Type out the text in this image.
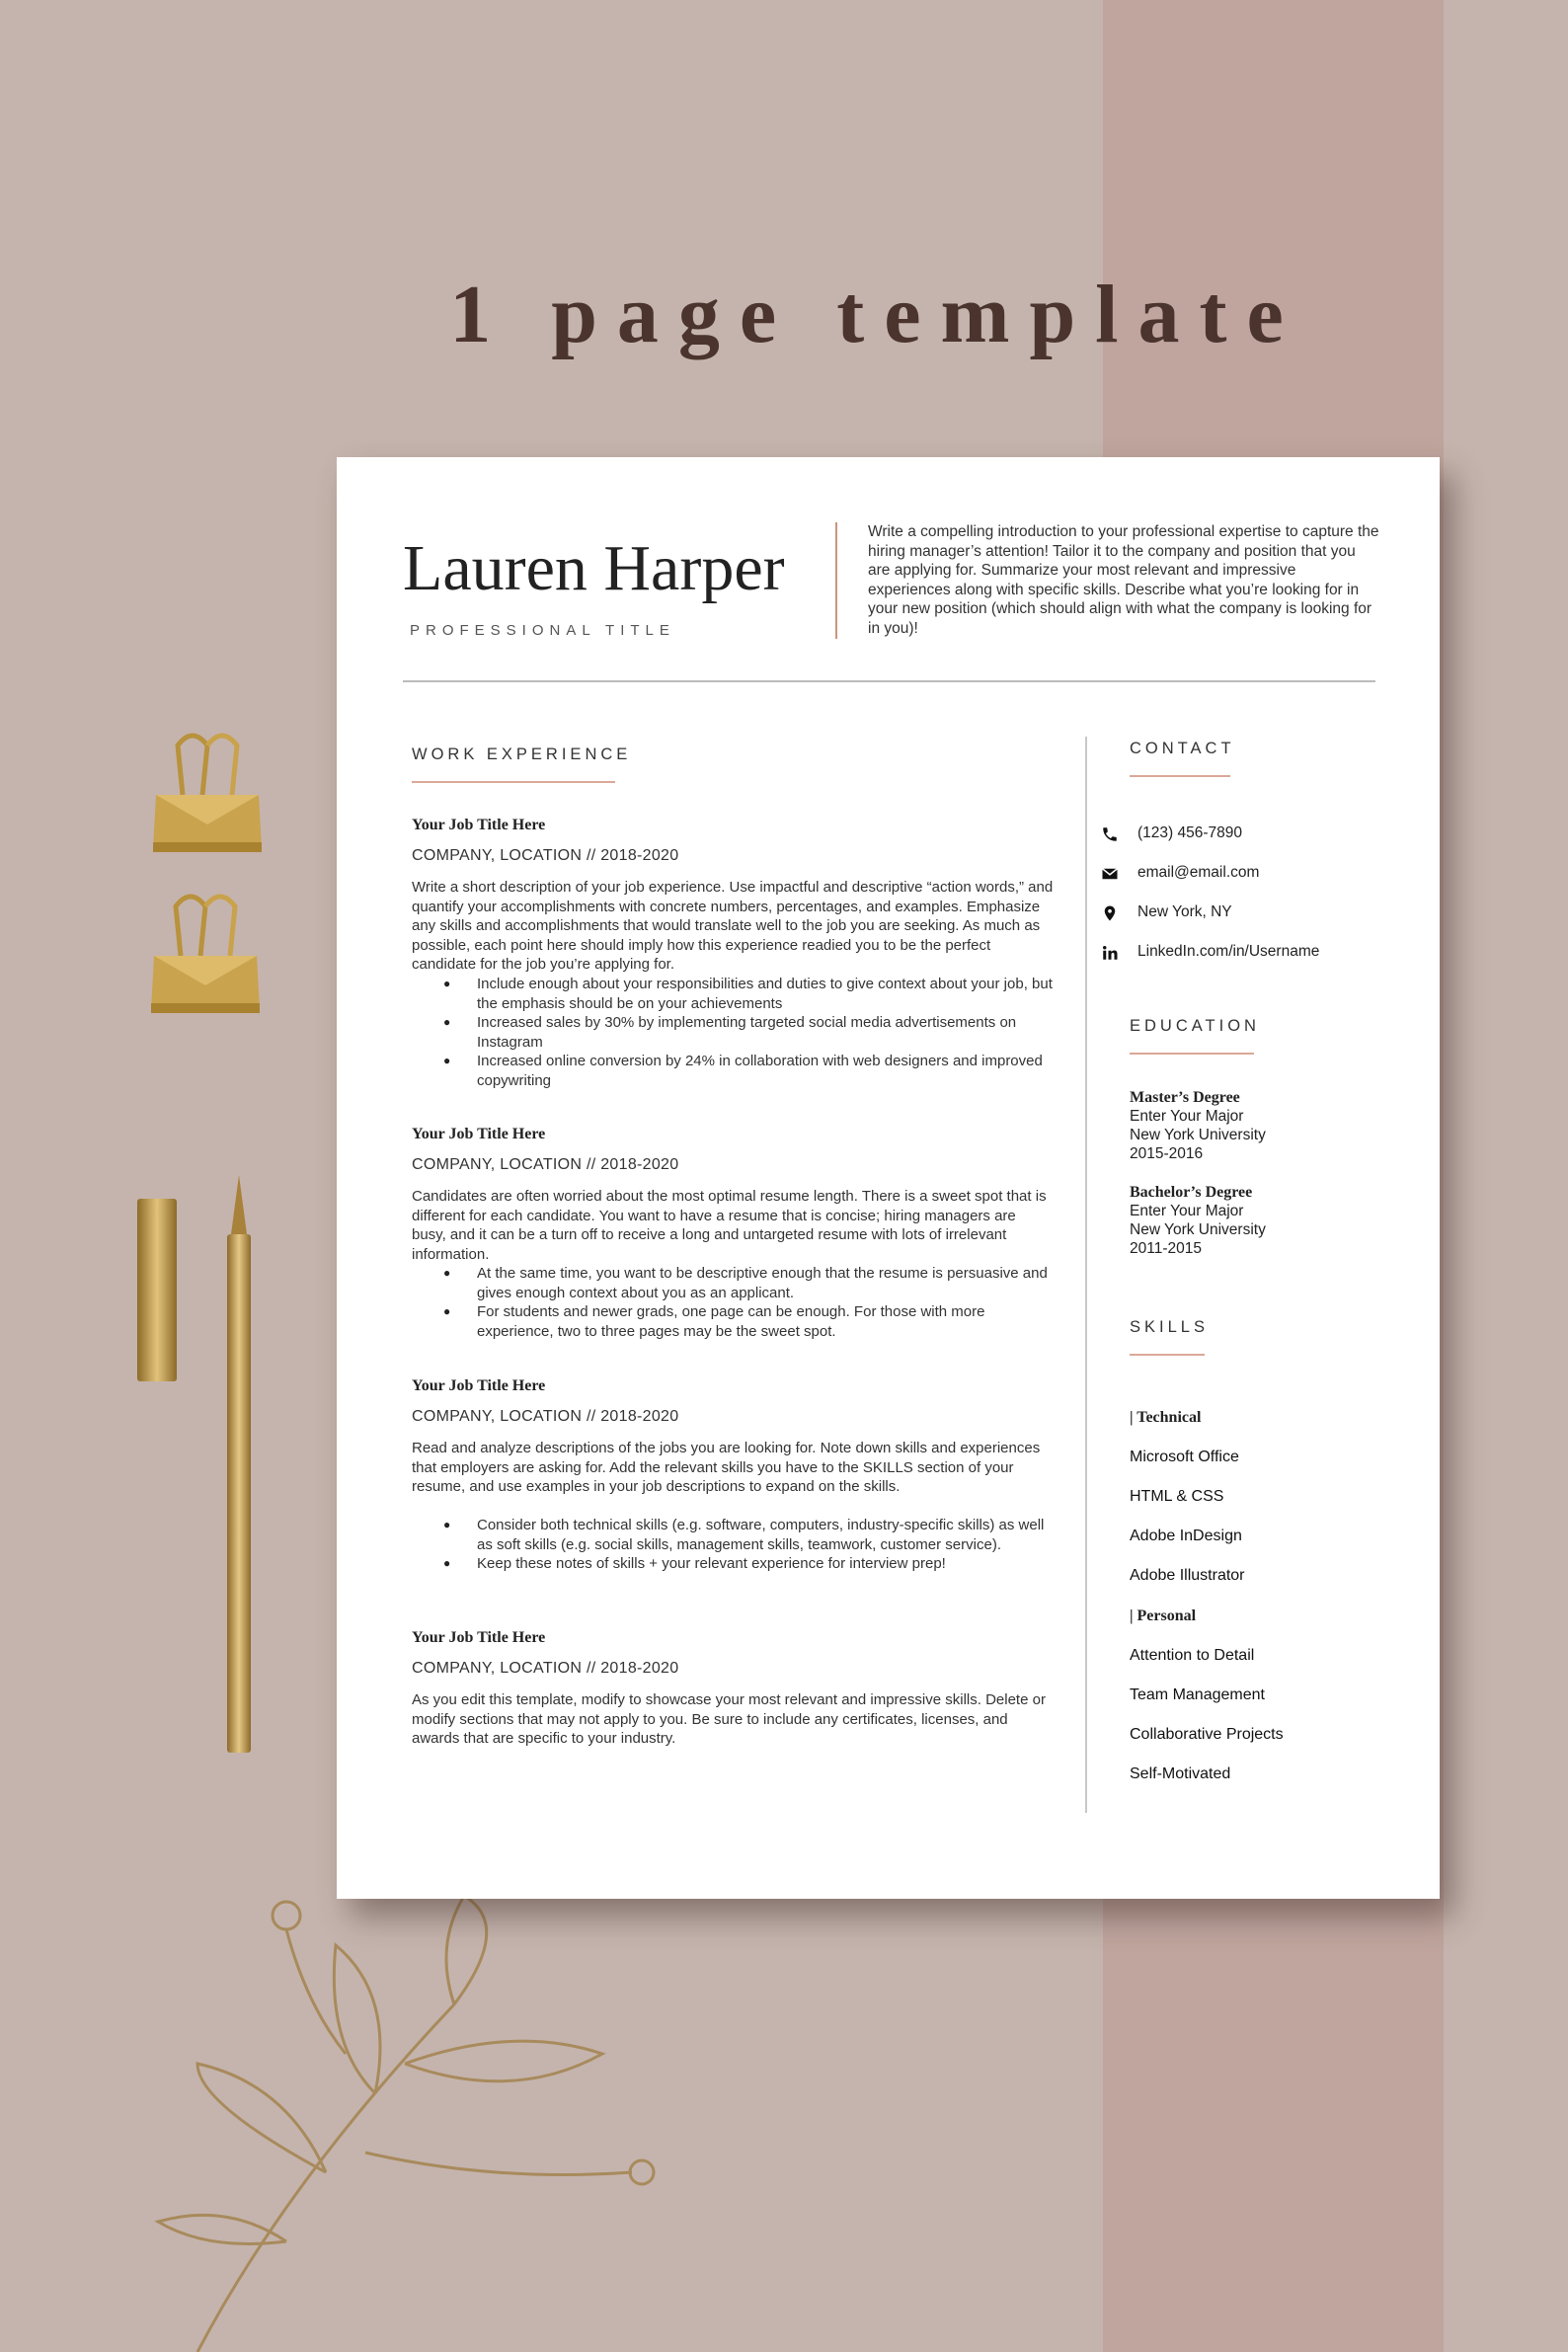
1 page template
Lauren Harper
PROFESSIONAL TITLE
Write a compelling introduction to your professional expertise to capture the hiring manager’s attention! Tailor it to the company and position that you are applying for. Summarize your most relevant and impressive experiences along with specific skills. Describe what you’re looking for in your new position (which should align with what the company is looking for in you)!
WORK EXPERIENCE
Your Job Title Here
COMPANY, LOCATION // 2018-2020
Write a short description of your job experience. Use impactful and descriptive “action words,” and quantify your accomplishments with concrete numbers, percentages, and examples. Emphasize any skills and accomplishments that would translate well to the job you are seeking. As much as possible, each point here should imply how this experience readied you to be the perfect candidate for the job you’re applying for.
● Include enough about your responsibilities and duties to give context about your job, but the emphasis should be on your achievements
● Increased sales by 30% by implementing targeted social media advertisements on Instagram
● Increased online conversion by 24% in collaboration with web designers and improved copywriting
Your Job Title Here
COMPANY, LOCATION // 2018-2020
Candidates are often worried about the most optimal resume length. There is a sweet spot that is different for each candidate. You want to have a resume that is concise; hiring managers are busy, and it can be a turn off to receive a long and untargeted resume with lots of irrelevant information.
● At the same time, you want to be descriptive enough that the resume is persuasive and gives enough context about you as an applicant.
● For students and newer grads, one page can be enough. For those with more experience, two to three pages may be the sweet spot.
Your Job Title Here
COMPANY, LOCATION // 2018-2020
Read and analyze descriptions of the jobs you are looking for. Note down skills and experiences that employers are asking for. Add the relevant skills you have to the SKILLS section of your resume, and use examples in your job descriptions to expand on the skills.
● Consider both technical skills (e.g. software, computers, industry-specific skills) as well as soft skills (e.g. social skills, management skills, teamwork, customer service).
● Keep these notes of skills + your relevant experience for interview prep!
Your Job Title Here
COMPANY, LOCATION // 2018-2020
As you edit this template, modify to showcase your most relevant and impressive skills. Delete or modify sections that may not apply to you. Be sure to include any certificates, licenses, and awards that are specific to your industry.
CONTACT
(123) 456-7890
email@email.com
New York, NY
LinkedIn.com/in/Username
EDUCATION
Master’s Degree
Enter Your Major
New York University
2015-2016
Bachelor’s Degree
Enter Your Major
New York University
2011-2015
SKILLS
| Technical
Microsoft Office
HTML & CSS
Adobe InDesign
Adobe Illustrator
| Personal
Attention to Detail
Team Management
Collaborative Projects
Self-Motivated
